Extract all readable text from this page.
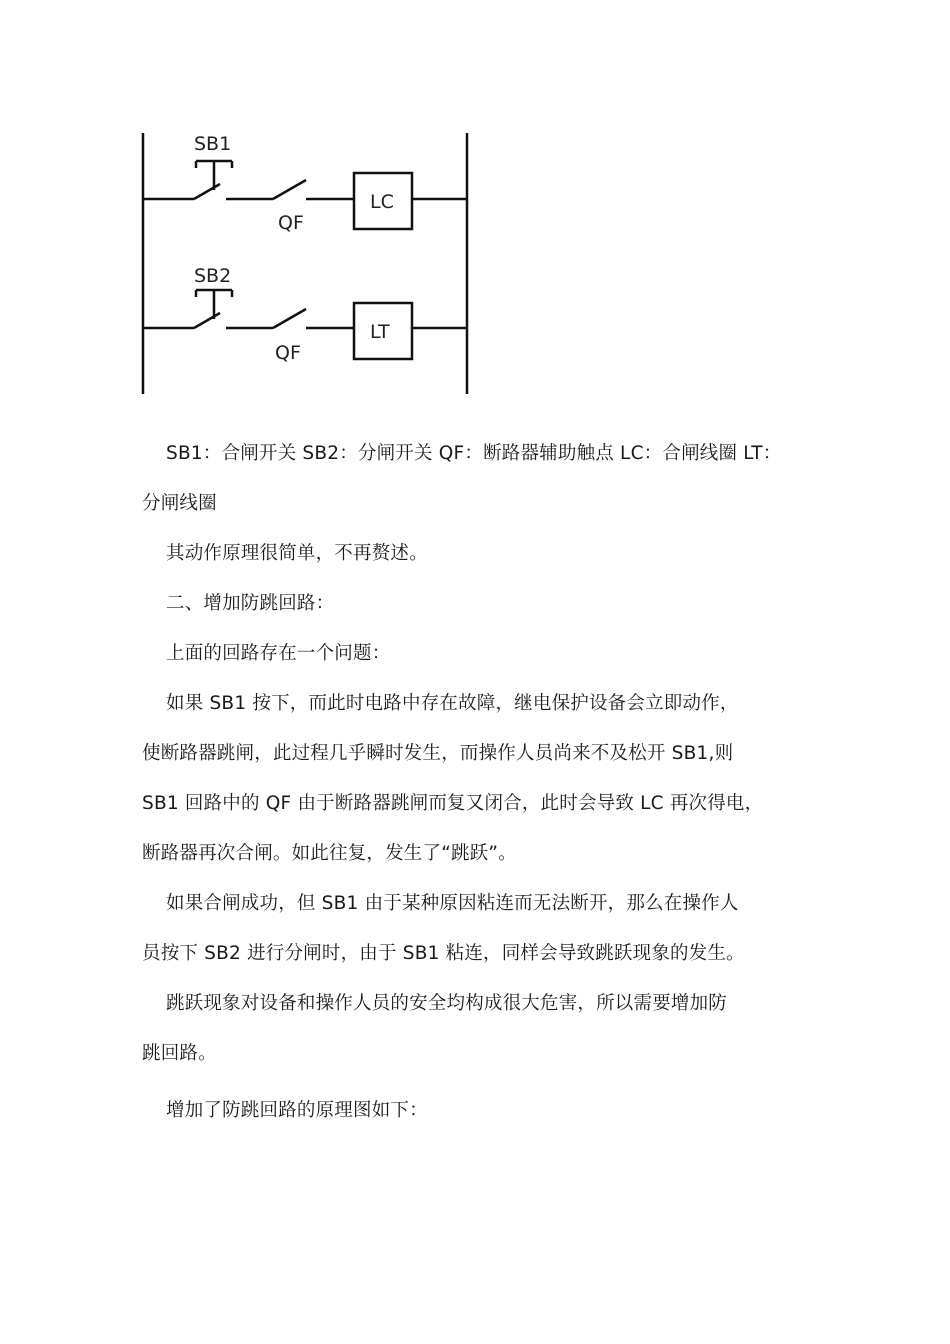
SB1
QF
LC
SB2
QF
LT
SB1：合闸开关 SB2：分闸开关 QF：断路器辅助触点 LC：合闸线圈 LT：
分闸线圈
其动作原理很简单，不再赘述。
二、增加防跳回路：
上面的回路存在一个问题：
如果 SB1 按下，而此时电路中存在故障，继电保护设备会立即动作，
使断路器跳闸，此过程几乎瞬时发生，而操作人员尚来不及松开 SB1,则
SB1 回路中的 QF 由于断路器跳闸而复又闭合，此时会导致 LC 再次得电，
断路器再次合闸。如此往复，发生了“跳跃”。
如果合闸成功，但 SB1 由于某种原因粘连而无法断开，那么在操作人
员按下 SB2 进行分闸时，由于 SB1 粘连，同样会导致跳跃现象的发生。
跳跃现象对设备和操作人员的安全均构成很大危害，所以需要增加防
跳回路。
增加了防跳回路的原理图如下：
